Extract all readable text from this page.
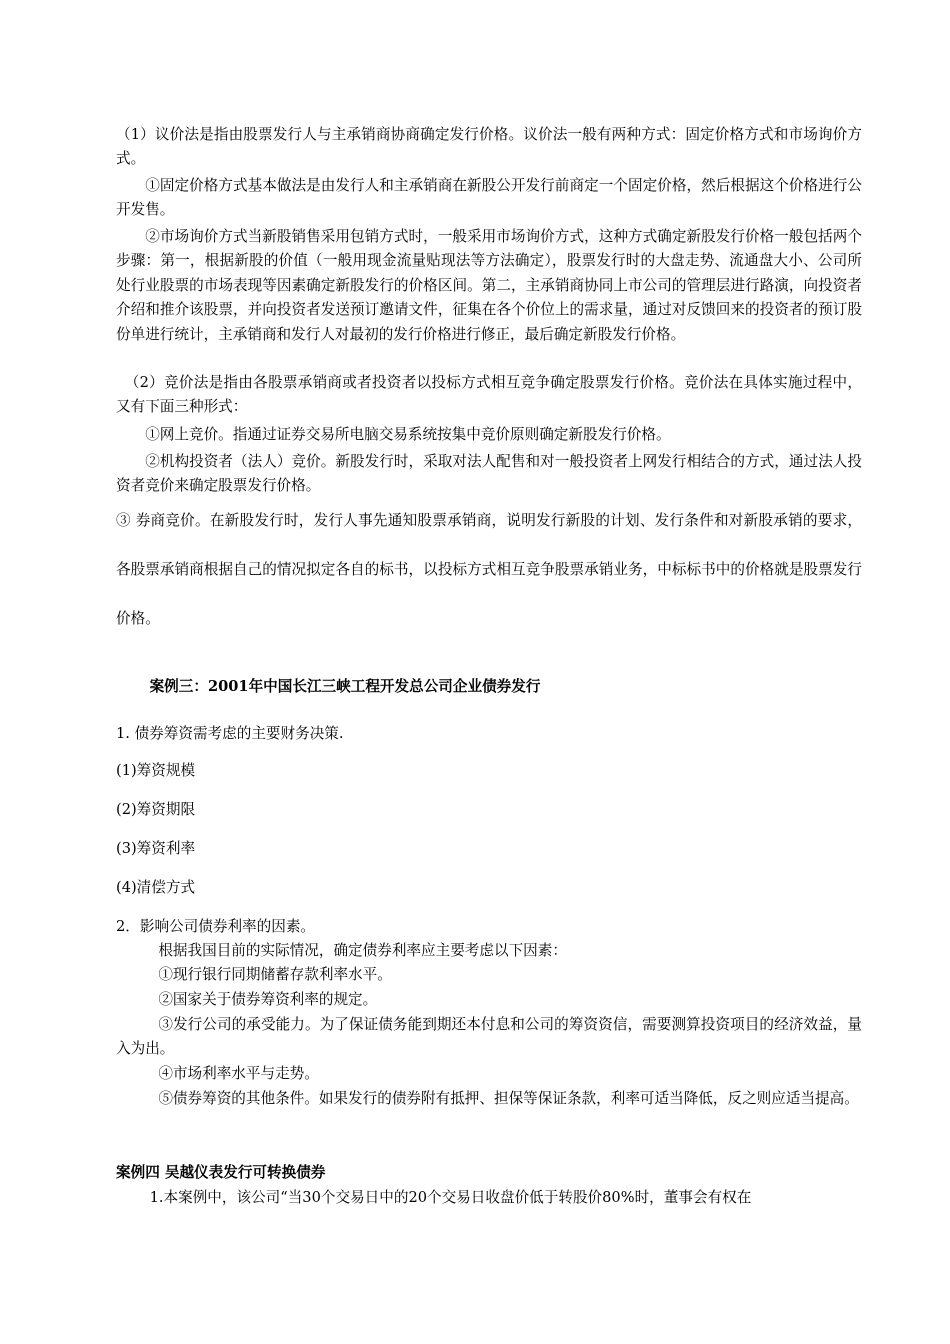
（1）议价法是指由股票发行人与主承销商协商确定发行价格。议价法一般有两种方式：固定价格方式和市场询价方式。
①固定价格方式基本做法是由发行人和主承销商在新股公开发行前商定一个固定价格，然后根据这个价格进行公开发售。
②市场询价方式当新股销售采用包销方式时，一般采用市场询价方式，这种方式确定新股发行价格一般包括两个步骤：第一，根据新股的价值（一般用现金流量贴现法等方法确定），股票发行时的大盘走势、流通盘大小、公司所处行业股票的市场表现等因素确定新股发行的价格区间。第二，主承销商协同上市公司的管理层进行路演，向投资者介绍和推介该股票，并向投资者发送预订邀请文件，征集在各个价位上的需求量，通过对反馈回来的投资者的预订股份单进行统计，主承销商和发行人对最初的发行价格进行修正，最后确定新股发行价格。
（2）竞价法是指由各股票承销商或者投资者以投标方式相互竞争确定股票发行价格。竞价法在具体实施过程中，又有下面三种形式：
①网上竞价。指通过证券交易所电脑交易系统按集中竞价原则确定新股发行价格。
②机构投资者（法人）竞价。新股发行时，采取对法人配售和对一般投资者上网发行相结合的方式，通过法人投资者竞价来确定股票发行价格。
③ 券商竞价。在新股发行时，发行人事先通知股票承销商，说明发行新股的计划、发行条件和对新股承销的要求，各股票承销商根据自己的情况拟定各自的标书，以投标方式相互竞争股票承销业务，中标标书中的价格就是股票发行价格。
案例三：2001年中国长江三峡工程开发总公司企业债券发行
1. 债券筹资需考虑的主要财务决策.
(1)筹资规模
(2)筹资期限
(3)筹资利率
(4)清偿方式
2．影响公司债券利率的因素。
根据我国目前的实际情况，确定债券利率应主要考虑以下因素：
①现行银行同期储蓄存款利率水平。
②国家关于债券筹资利率的规定。
③发行公司的承受能力。为了保证债务能到期还本付息和公司的筹资资信，需要测算投资项目的经济效益，量入为出。
④市场利率水平与走势。
⑤债券筹资的其他条件。如果发行的债券附有抵押、担保等保证条款，利率可适当降低，反之则应适当提高。
案例四 吴越仪表发行可转换债券
1.本案例中，该公司“当30个交易日中的20个交易日收盘价低于转股价80%时，董事会有权在
